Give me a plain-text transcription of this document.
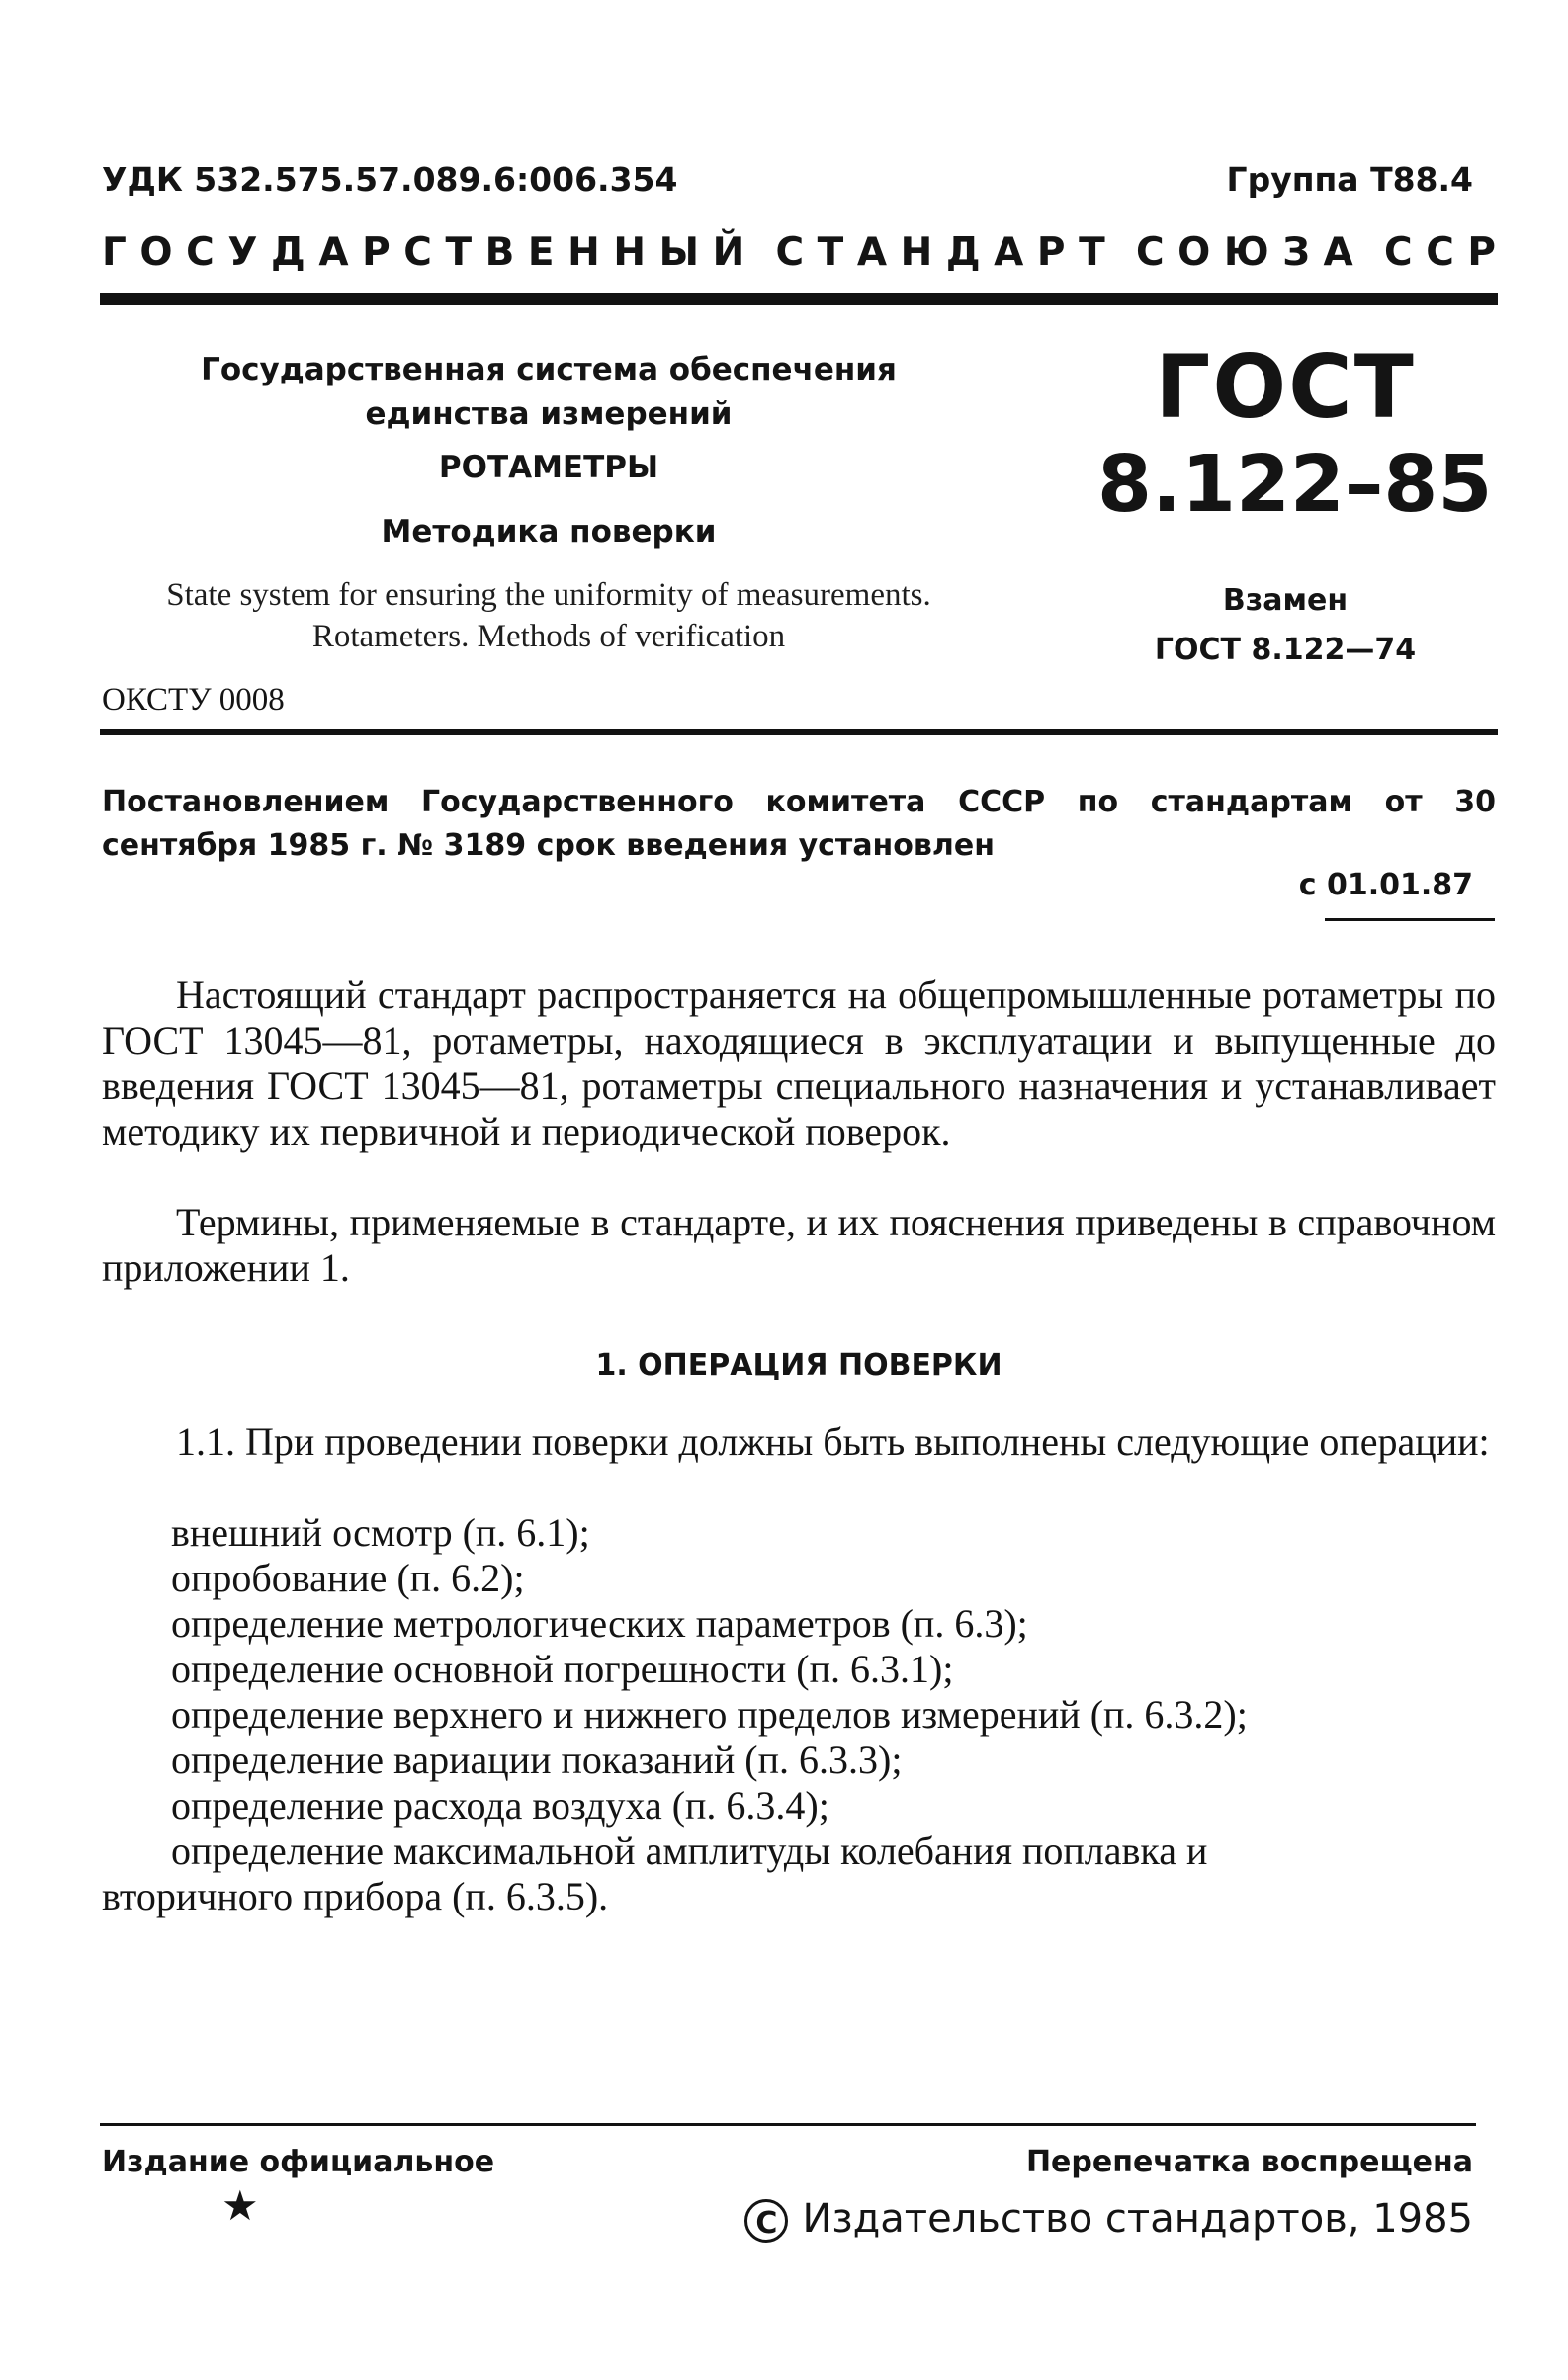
УДК 532.575.57.089.6:006.354	Группа Т88.4
Г О С У Д А Р С Т В Е Н Н Ы Й С Т А Н Д А Р Т С О Ю З А С С Р
Государственная система обеспечения единства измерений
РОТАМЕТРЫ
Методика поверки
State system for ensuring the uniformity of measurements. Rotameters. Methods of verification
ГОСТ
8.122–85
Взамен
ГОСТ 8.122—74
ОКСТУ 0008
Постановлением Государственного комитета СССР по стандартам от 30 сентября 1985 г. № 3189 срок введения установлен
с 01.01.87
Настоящий стандарт распространяется на общепромышленные ротаметры по ГОСТ 13045—81, ротаметры, находящиеся в эксплуатации и выпущенные до введения ГОСТ 13045—81, ротаметры специального назначения и устанавливает методику их первичной и периодической поверок.
Термины, применяемые в стандарте, и их пояснения приведены в справочном приложении 1.
1. ОПЕРАЦИЯ ПОВЕРКИ
1.1. При проведении поверки должны быть выполнены следующие операции:
внешний осмотр (п. 6.1);
опробование (п. 6.2);
определение метрологических параметров (п. 6.3);
определение основной погрешности (п. 6.3.1);
определение верхнего и нижнего пределов измерений (п. 6.3.2);
определение вариации показаний (п. 6.3.3);
определение расхода воздуха (п. 6.3.4);
определение максимальной амплитуды колебания поплавка и
вторичного прибора (п. 6.3.5).
Издание официальное	Перепечатка воспрещена
★	C Издательство стандартов, 1985
